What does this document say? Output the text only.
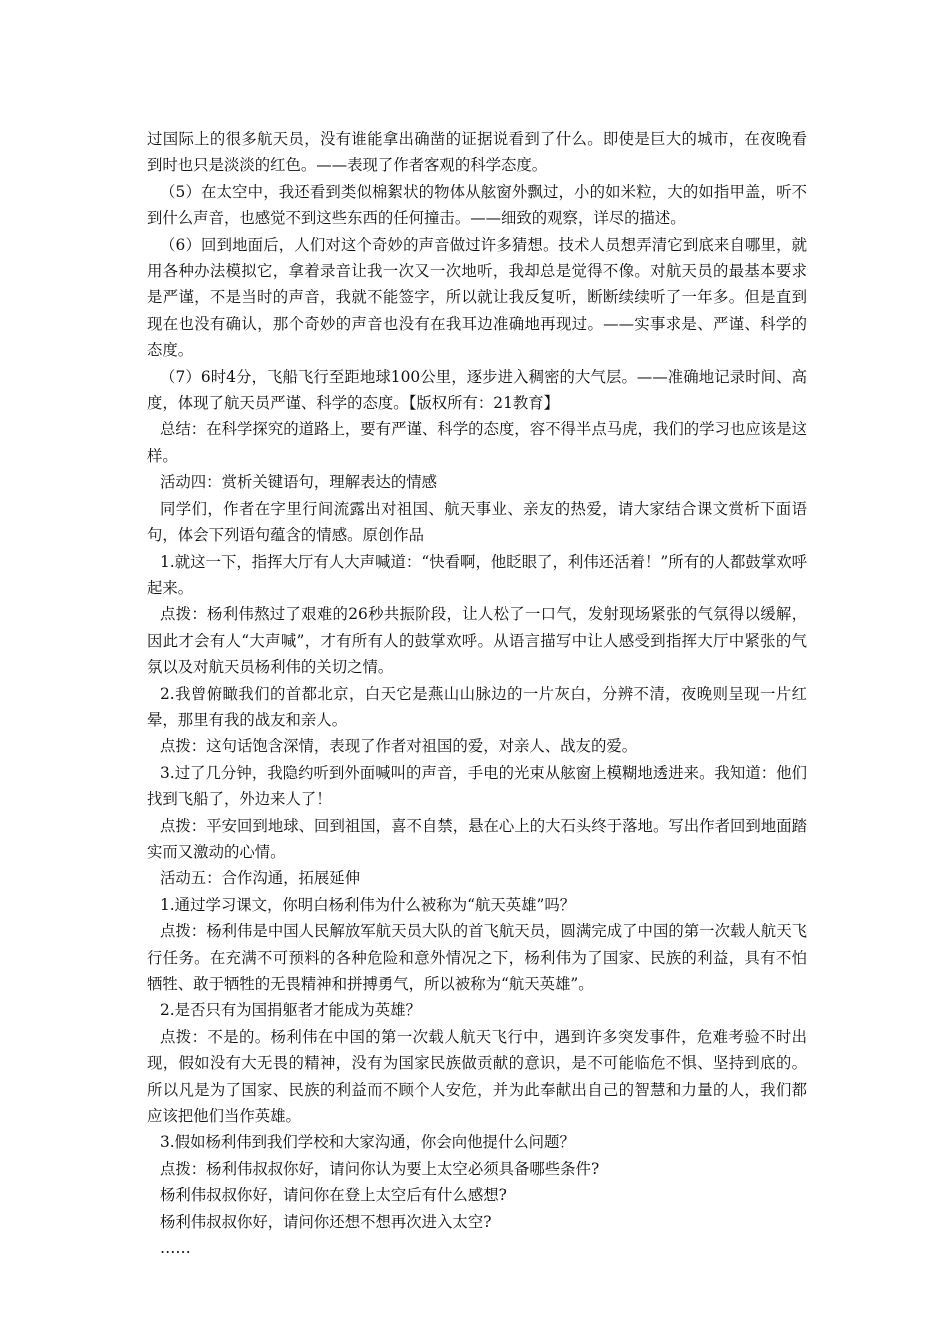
过国际上的很多航天员，没有谁能拿出确凿的证据说看到了什么。即使是巨大的城市，在夜晚看到时也只是淡淡的红色。——表现了作者客观的科学态度。

（5）在太空中，我还看到类似棉絮状的物体从舷窗外飘过，小的如米粒，大的如指甲盖，听不到什么声音，也感觉不到这些东西的任何撞击。——细致的观察，详尽的描述。

（6）回到地面后，人们对这个奇妙的声音做过许多猜想。技术人员想弄清它到底来自哪里，就用各种办法模拟它，拿着录音让我一次又一次地听，我却总是觉得不像。对航天员的最基本要求是严谨，不是当时的声音，我就不能签字，所以就让我反复听，断断续续听了一年多。但是直到现在也没有确认，那个奇妙的声音也没有在我耳边准确地再现过。——实事求是、严谨、科学的态度。

（7）6时4分，飞船飞行至距地球100公里，逐步进入稠密的大气层。——准确地记录时间、高度，体现了航天员严谨、科学的态度。【版权所有：21教育】

总结：在科学探究的道路上，要有严谨、科学的态度，容不得半点马虎，我们的学习也应该是这样。

活动四：赏析关键语句，理解表达的情感

同学们，作者在字里行间流露出对祖国、航天事业、亲友的热爱，请大家结合课文赏析下面语句，体会下列语句蕴含的情感。原创作品

1.就这一下，指挥大厅有人大声喊道：“快看啊，他眨眼了，利伟还活着！”所有的人都鼓掌欢呼起来。

点拨：杨利伟熬过了艰难的26秒共振阶段，让人松了一口气，发射现场紧张的气氛得以缓解，因此才会有人“大声喊”，才有所有人的鼓掌欢呼。从语言描写中让人感受到指挥大厅中紧张的气氛以及对航天员杨利伟的关切之情。

2.我曾俯瞰我们的首都北京，白天它是燕山山脉边的一片灰白，分辨不清，夜晚则呈现一片红晕，那里有我的战友和亲人。

点拨：这句话饱含深情，表现了作者对祖国的爱，对亲人、战友的爱。

3.过了几分钟，我隐约听到外面喊叫的声音，手电的光束从舷窗上模糊地透进来。我知道：他们找到飞船了，外边来人了！

点拨：平安回到地球、回到祖国，喜不自禁，悬在心上的大石头终于落地。写出作者回到地面踏实而又激动的心情。

活动五：合作沟通，拓展延伸

1.通过学习课文，你明白杨利伟为什么被称为“航天英雄”吗？

点拨：杨利伟是中国人民解放军航天员大队的首飞航天员，圆满完成了中国的第一次载人航天飞行任务。在充满不可预料的各种危险和意外情况之下，杨利伟为了国家、民族的利益，具有不怕牺牲、敢于牺牲的无畏精神和拼搏勇气，所以被称为“航天英雄”。

2.是否只有为国捐躯者才能成为英雄？

点拨：不是的。杨利伟在中国的第一次载人航天飞行中，遇到许多突发事件，危难考验不时出现，假如没有大无畏的精神，没有为国家民族做贡献的意识，是不可能临危不惧、坚持到底的。所以凡是为了国家、民族的利益而不顾个人安危，并为此奉献出自己的智慧和力量的人，我们都应该把他们当作英雄。

3.假如杨利伟到我们学校和大家沟通，你会向他提什么问题？

点拨：杨利伟叔叔你好，请问你认为要上太空必须具备哪些条件?

杨利伟叔叔你好，请问你在登上太空后有什么感想?

杨利伟叔叔你好，请问你还想不想再次进入太空?

……
